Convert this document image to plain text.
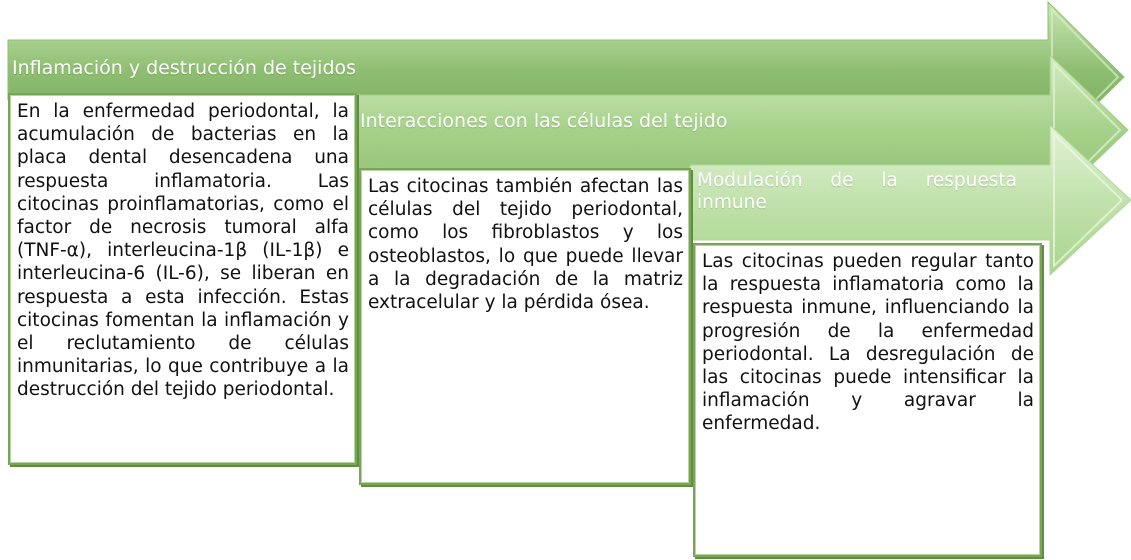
Inflamación y destrucción de tejidos
Interacciones con las células del tejido
Modulación de la respuesta inmune

En la enfermedad periodontal, la acumulación de bacterias en la placa dental desencadena una respuesta inflamatoria. Las citocinas proinflamatorias, como el factor de necrosis tumoral alfa (TNF-α), interleucina-1β (IL-1β) e interleucina-6 (IL-6), se liberan en respuesta a esta infección. Estas citocinas fomentan la inflamación y el reclutamiento de células inmunitarias, lo que contribuye a la destrucción del tejido periodontal.

Las citocinas también afectan las células del tejido periodontal, como los fibroblastos y los osteoblastos, lo que puede llevar a la degradación de la matriz extracelular y la pérdida ósea.

Las citocinas pueden regular tanto la respuesta inflamatoria como la respuesta inmune, influenciando la progresión de la enfermedad periodontal. La desregulación de las citocinas puede intensificar la inflamación y agravar la enfermedad.
